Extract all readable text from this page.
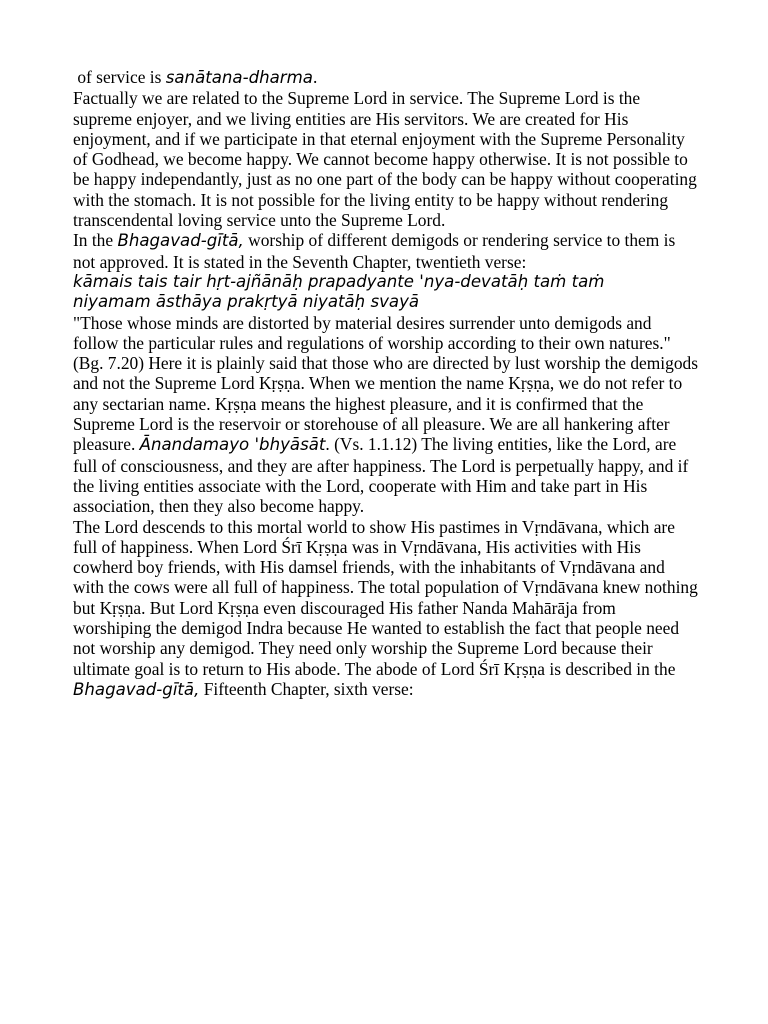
of service is sanātana-dharma.

Factually we are related to the Supreme Lord in service. The Supreme Lord is the supreme enjoyer, and we living entities are His servitors. We are created for His enjoyment, and if we participate in that eternal enjoyment with the Supreme Personality of Godhead, we become happy. We cannot become happy otherwise. It is not possible to be happy independantly, just as no one part of the body can be happy without cooperating with the stomach. It is not possible for the living entity to be happy without rendering transcendental loving service unto the Supreme Lord.

In the Bhagavad-gītā, worship of different demigods or rendering service to them is not approved. It is stated in the Seventh Chapter, twentieth verse:

kāmais tais tair hṛt-ajñānāḥ prapadyante 'nya-devatāḥ taṁ taṁ
niyamam āsthāya prakṛtyā niyatāḥ svayā

"Those whose minds are distorted by material desires surrender unto demigods and follow the particular rules and regulations of worship according to their own natures." (Bg. 7.20) Here it is plainly said that those who are directed by lust worship the demigods and not the Supreme Lord Kṛṣṇa. When we mention the name Kṛṣṇa, we do not refer to any sectarian name. Kṛṣṇa means the highest pleasure, and it is confirmed that the Supreme Lord is the reservoir or storehouse of all pleasure. We are all hankering after pleasure. Ānandamayo 'bhyāsāt. (Vs. 1.1.12) The living entities, like the Lord, are full of consciousness, and they are after happiness. The Lord is perpetually happy, and if the living entities associate with the Lord, cooperate with Him and take part in His association, then they also become happy.

The Lord descends to this mortal world to show His pastimes in Vṛndāvana, which are full of happiness. When Lord Śrī Kṛṣṇa was in Vṛndāvana, His activities with His cowherd boy friends, with His damsel friends, with the inhabitants of Vṛndāvana and with the cows were all full of happiness. The total population of Vṛndāvana knew nothing but Kṛṣṇa. But Lord Kṛṣṇa even discouraged His father Nanda Mahārāja from worshiping the demigod Indra because He wanted to establish the fact that people need not worship any demigod. They need only worship the Supreme Lord because their ultimate goal is to return to His abode. The abode of Lord Śrī Kṛṣṇa is described in the Bhagavad-gītā, Fifteenth Chapter, sixth verse:
